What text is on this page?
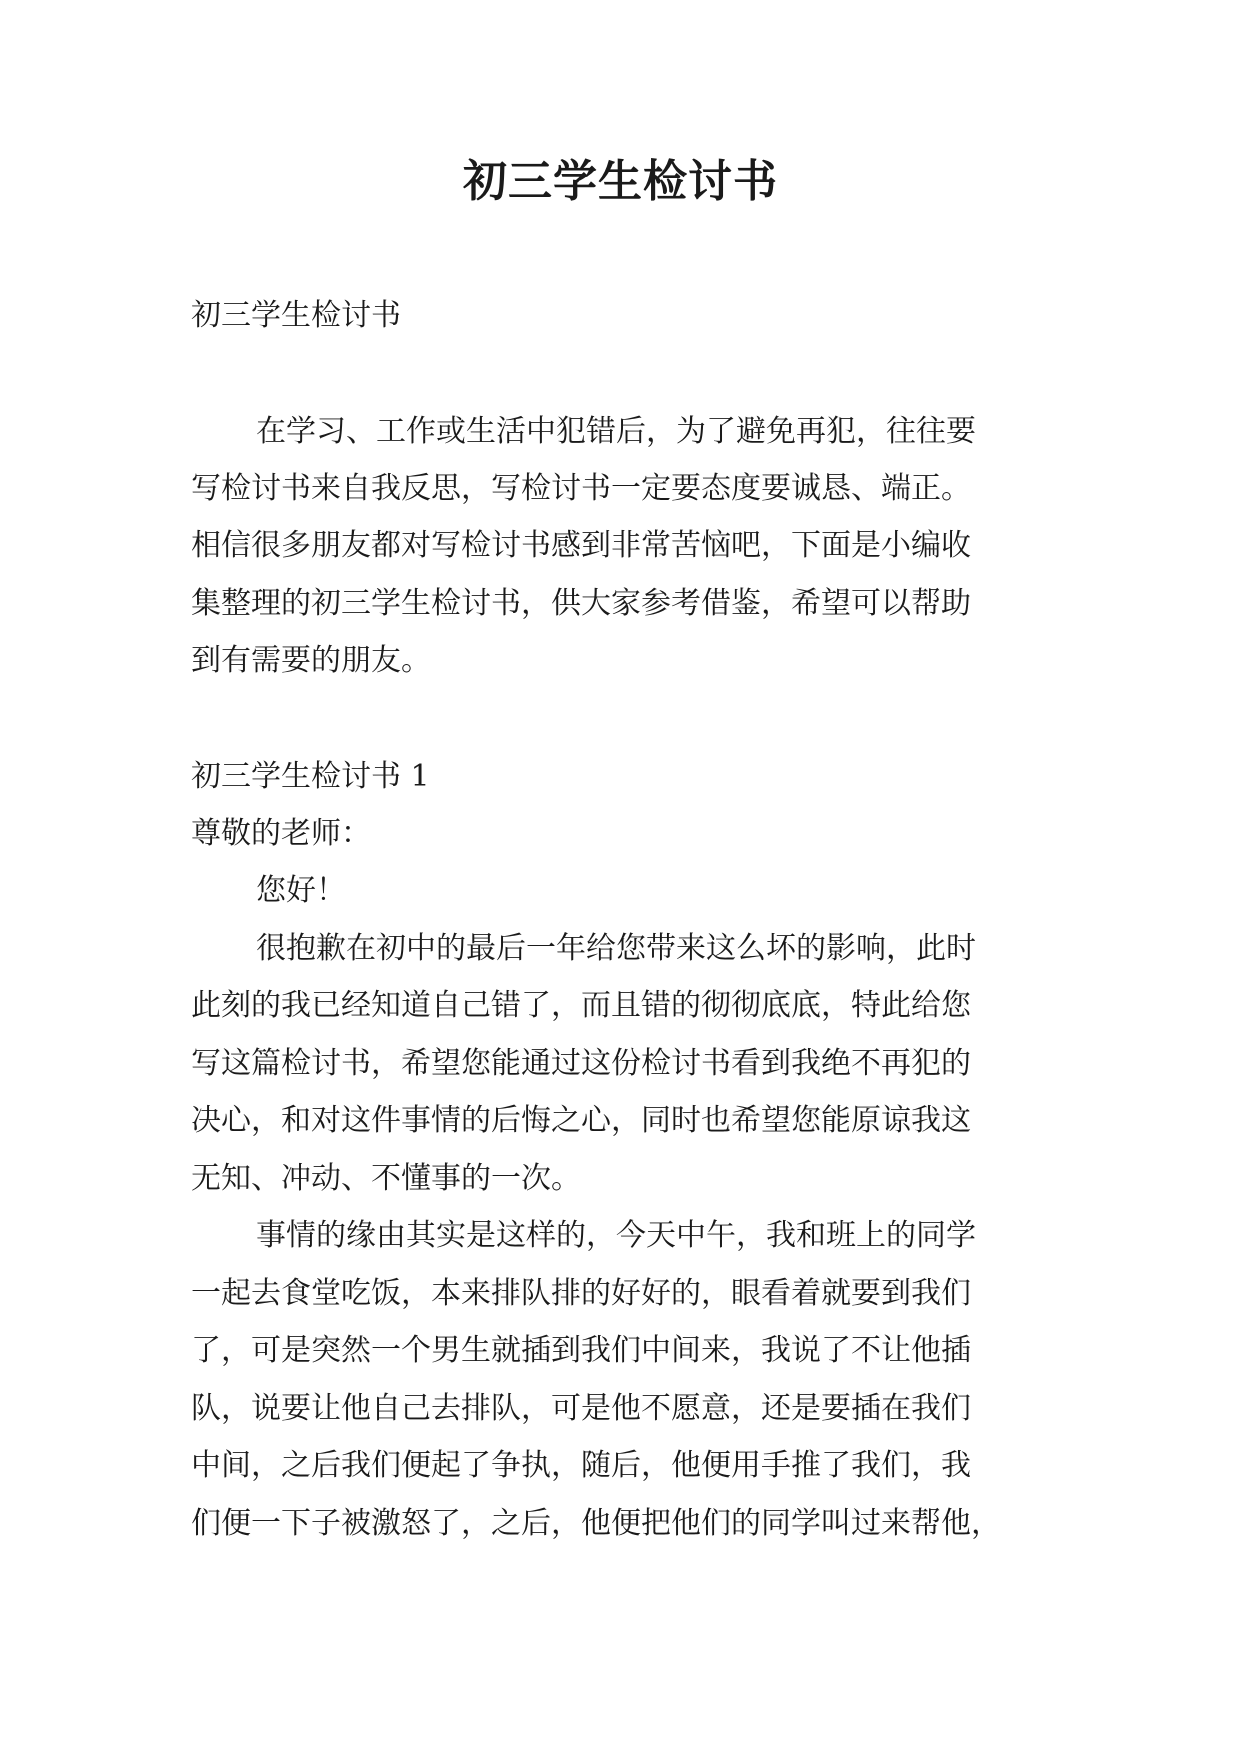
初三学生检讨书

初三学生检讨书

在学习、工作或生活中犯错后，为了避免再犯，往往要

写检讨书来自我反思，写检讨书一定要态度要诚恳、端正。

相信很多朋友都对写检讨书感到非常苦恼吧，下面是小编收

集整理的初三学生检讨书，供大家参考借鉴，希望可以帮助

到有需要的朋友。

初三学生检讨书 1

尊敬的老师：

您好！

很抱歉在初中的最后一年给您带来这么坏的影响，此时

此刻的我已经知道自己错了，而且错的彻彻底底，特此给您

写这篇检讨书，希望您能通过这份检讨书看到我绝不再犯的

决心，和对这件事情的后悔之心，同时也希望您能原谅我这

无知、冲动、不懂事的一次。

事情的缘由其实是这样的，今天中午，我和班上的同学

一起去食堂吃饭，本来排队排的好好的，眼看着就要到我们

了，可是突然一个男生就插到我们中间来，我说了不让他插

队，说要让他自己去排队，可是他不愿意，还是要插在我们

中间，之后我们便起了争执，随后，他便用手推了我们，我

们便一下子被激怒了，之后，他便把他们的同学叫过来帮他，
